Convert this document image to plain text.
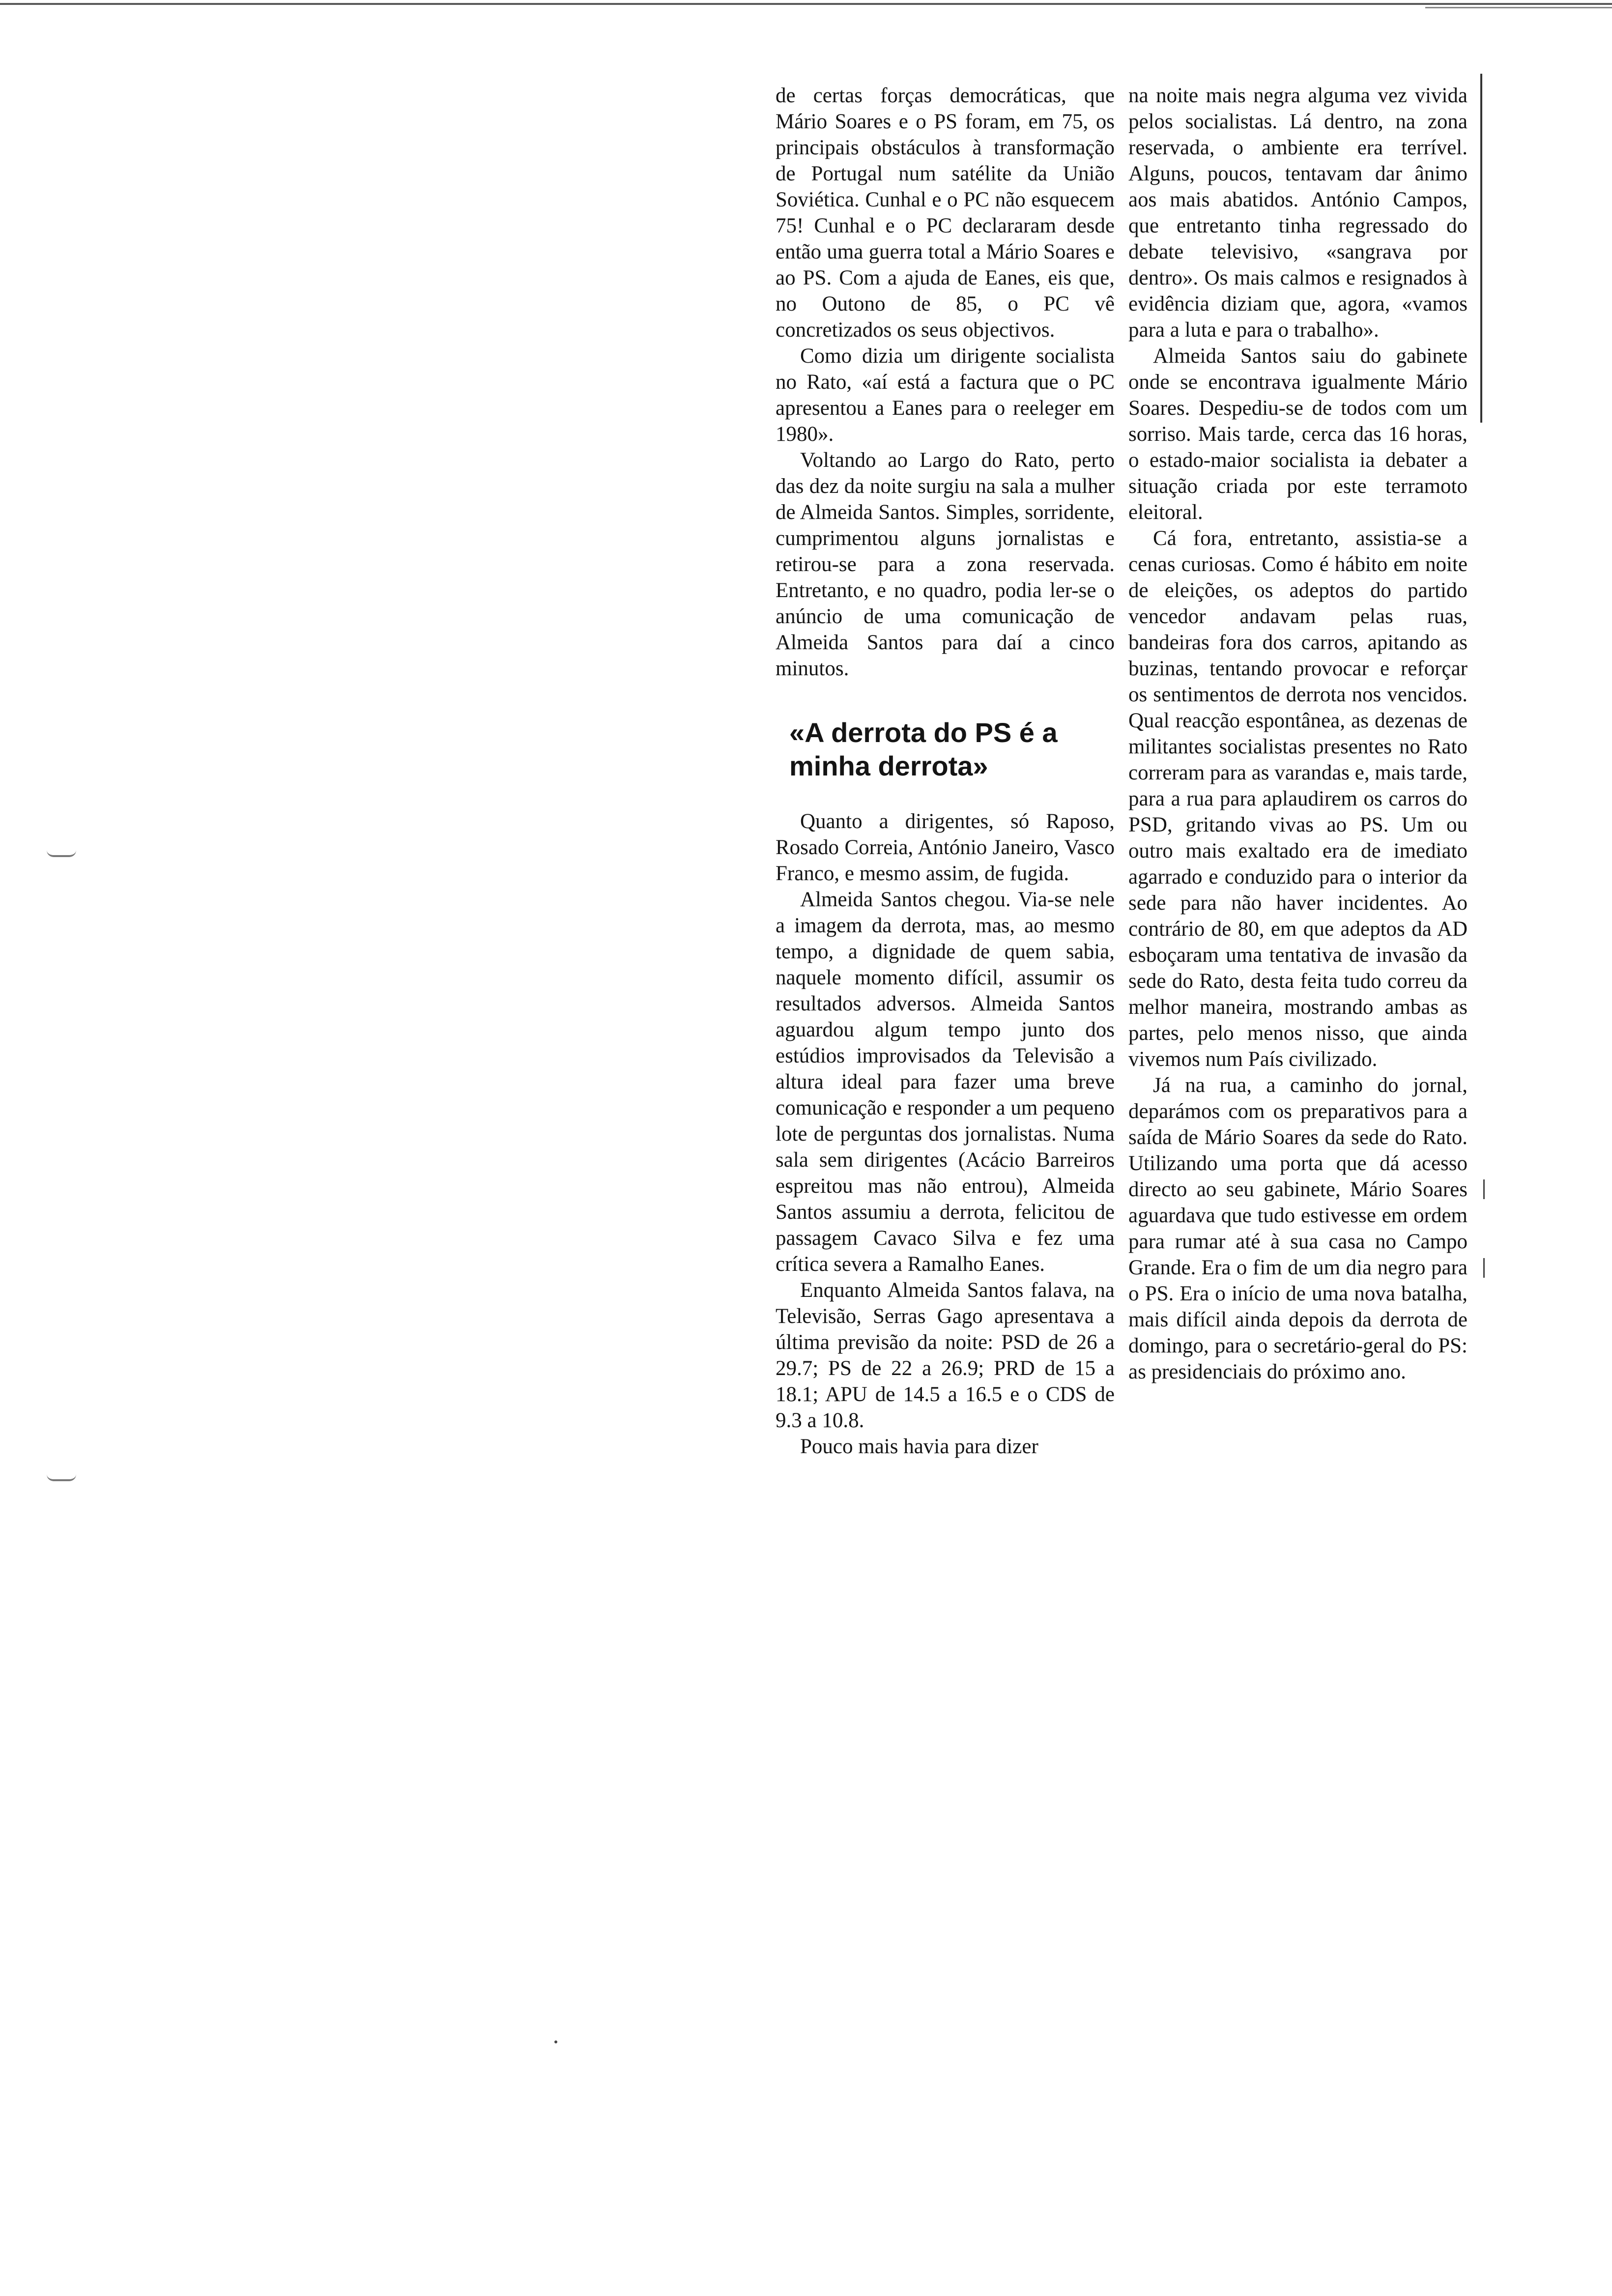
de certas forças democráticas, que Mário Soares e o PS foram, em 75, os principais obstáculos à transformação de Portugal num satélite da União Soviética. Cunhal e o PC não esquecem 75! Cunhal e o PC declararam desde então uma guerra total a Mário Soares e ao PS. Com a ajuda de Eanes, eis que, no Outono de 85, o PC vê concretizados os seus objectivos.

Como dizia um dirigente socialista no Rato, «aí está a factura que o PC apresentou a Eanes para o reeleger em 1980».

Voltando ao Largo do Rato, perto das dez da noite surgiu na sala a mulher de Almeida Santos. Simples, sorridente, cumprimentou alguns jornalistas e retirou-se para a zona reservada. Entretanto, e no quadro, podia ler-se o anúncio de uma comunicação de Almeida Santos para daí a cinco minutos.

«A derrota do PS é a minha derrota»

Quanto a dirigentes, só Raposo, Rosado Correia, António Janeiro, Vasco Franco, e mesmo assim, de fugida.

Almeida Santos chegou. Via-se nele a imagem da derrota, mas, ao mesmo tempo, a dignidade de quem sabia, naquele momento difícil, assumir os resultados adversos. Almeida Santos aguardou algum tempo junto dos estúdios improvisados da Televisão a altura ideal para fazer uma breve comunicação e responder a um pequeno lote de perguntas dos jornalistas. Numa sala sem dirigentes (Acácio Barreiros espreitou mas não entrou), Almeida Santos assumiu a derrota, felicitou de passagem Cavaco Silva e fez uma crítica severa a Ramalho Eanes.

Enquanto Almeida Santos falava, na Televisão, Serras Gago apresentava a última previsão da noite: PSD de 26 a 29.7; PS de 22 a 26.9; PRD de 15 a 18.1; APU de 14.5 a 16.5 e o CDS de 9.3 a 10.8.

Pouco mais havia para dizer

na noite mais negra alguma vez vivida pelos socialistas. Lá dentro, na zona reservada, o ambiente era terrível. Alguns, poucos, tentavam dar ânimo aos mais abatidos. António Campos, que entretanto tinha regressado do debate televisivo, «sangrava por dentro». Os mais calmos e resignados à evidência diziam que, agora, «vamos para a luta e para o trabalho».

Almeida Santos saiu do gabinete onde se encontrava igualmente Mário Soares. Despediu-se de todos com um sorriso. Mais tarde, cerca das 16 horas, o estado-maior socialista ia debater a situação criada por este terramoto eleitoral.

Cá fora, entretanto, assistia-se a cenas curiosas. Como é hábito em noite de eleições, os adeptos do partido vencedor andavam pelas ruas, bandeiras fora dos carros, apitando as buzinas, tentando provocar e reforçar os sentimentos de derrota nos vencidos. Qual reacção espontânea, as dezenas de militantes socialistas presentes no Rato correram para as varandas e, mais tarde, para a rua para aplaudirem os carros do PSD, gritando vivas ao PS. Um ou outro mais exaltado era de imediato agarrado e conduzido para o interior da sede para não haver incidentes. Ao contrário de 80, em que adeptos da AD esboçaram uma tentativa de invasão da sede do Rato, desta feita tudo correu da melhor maneira, mostrando ambas as partes, pelo menos nisso, que ainda vivemos num País civilizado.

Já na rua, a caminho do jornal, deparámos com os preparativos para a saída de Mário Soares da sede do Rato. Utilizando uma porta que dá acesso directo ao seu gabinete, Mário Soares aguardava que tudo estivesse em ordem para rumar até à sua casa no Campo Grande. Era o fim de um dia negro para o PS. Era o início de uma nova batalha, mais difícil ainda depois da derrota de domingo, para o secretário-geral do PS: as presidenciais do próximo ano.
